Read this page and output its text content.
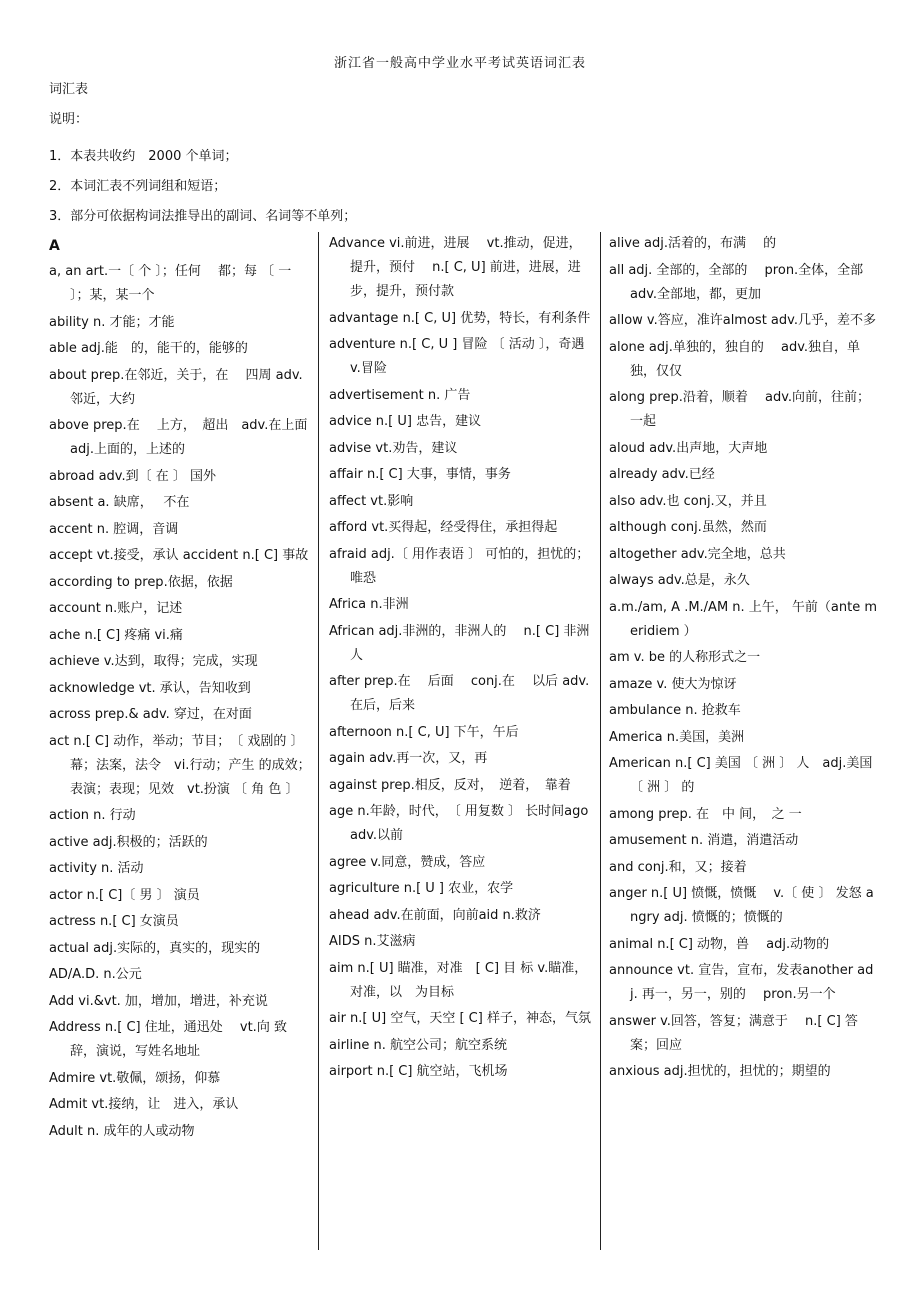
浙江省一般高中学业水平考试英语词汇表
词汇表
说明：
1．本表共收约　2000 个单词；
2．本词汇表不列词组和短语；
3．部分可依据构词法推导出的副词、名词等不单列；
A
a, an art.一〔 个 〕；任何　 都；每 〔 一 〕；某，某一个
ability n. 才能；才能
able adj.能　的，能干的，能够的
about prep.在邻近，关于，在　 四周 adv.邻近，大约
above prep.在　 上方，　超出　adv.在上面 adj.上面的，上述的
abroad adv.到〔 在 〕 国外
absent a. 缺席，　 不在
accent n. 腔调，音调
accept vt.接受，承认 accident n.[ C] 事故
according to prep.依据，依据
account n.账户，记述
ache n.[ C] 疼痛 vi.痛
achieve v.达到，取得；完成，实现
acknowledge vt. 承认，告知收到
across prep.& adv. 穿过，在对面
act n.[ C] 动作，举动；节目；　〔 戏剧的 〕 幕；法案，法令　vi.行动；产生 的成效；表演；表现；见效　vt.扮演 〔 角 色 〕
action n. 行动
active adj.积极的；活跃的
activity n. 活动
actor n.[ C]〔 男 〕 演员
actress n.[ C] 女演员
actual adj.实际的，真实的，现实的
AD/A.D. n.公元
Add vi.&vt. 加，增加，增进，补充说
Address n.[ C] 住址，通迅处　 vt.向 致辞，演说，写姓名地址
Admire vt.敬佩，颂扬，仰慕
Admit vt.接纳，让　进入，承认
Adult n. 成年的人或动物
Advance vi.前进，进展　 vt.推动，促进，提升，预付　 n.[ C, U] 前进，进展，进步，提升，预付款
advantage n.[ C, U] 优势，特长，有利条件
adventure n.[ C, U ] 冒险 〔 活动 〕，奇遇 v.冒险
advertisement n. 广告
advice n.[ U] 忠告，建议
advise vt.劝告，建议
affair n.[ C] 大事，事情，事务
affect vt.影响
afford vt.买得起，经受得住，承担得起
afraid adj.〔 用作表语 〕 可怕的，担忧的；唯恐
Africa n.非洲
African adj.非洲的，非洲人的　 n.[ C] 非洲人
after prep.在　 后面　 conj.在　 以后 adv. 在后，后来
afternoon n.[ C, U] 下午，午后
again adv.再一次，又，再
against prep.相反，反对，　逆着，　靠着
age n.年龄，时代，　〔 用复数 〕 长时间ago adv.以前
agree v.同意，赞成，答应
agriculture n.[ U ] 农业，农学
ahead adv.在前面，向前aid n.救济
AIDS n.艾滋病
aim n.[ U] 瞄准，对准　[ C] 目 标 v.瞄准，对准，以　为目标
air n.[ U] 空气，天空 [ C] 样子，神态，气氛
airline n. 航空公司；航空系统
airport n.[ C] 航空站，飞机场
alive adj.活着的，布满　 的
all adj. 全部的，全部的　 pron.全体，全部　adv.全部地，都，更加
allow v.答应，准许almost adv.几乎，差不多
alone adj.单独的，独自的　 adv.独自，单独，仅仅
along prep.沿着，顺着　 adv.向前，往前；一起
aloud adv.出声地，大声地
already adv.已经
also adv.也 conj.又，并且
although conj.虽然，然而
altogether adv.完全地，总共
always adv.总是，永久
a.m./am, A .M./AM n. 上午， 午前（ante meridiem ）
am v. be 的人称形式之一
amaze v. 使大为惊讶
ambulance n. 抢救车
America n.美国，美洲
American n.[ C] 美国 〔 洲 〕 人　adj.美国〔 洲 〕 的
among prep. 在　中 间，　之 一
amusement n. 消遣，消遣活动
and conj.和，又；接着
anger n.[ U] 愤慨，愤慨　 v.〔 使 〕 发怒 angry adj. 愤慨的；愤慨的
animal n.[ C] 动物，兽　 adj.动物的
announce vt. 宣告，宣布，发表another adj. 再一，另一，别的　 pron.另一个
answer v.回答，答复；满意于　 n.[ C] 答案；回应
anxious adj.担忧的，担忧的；期望的
